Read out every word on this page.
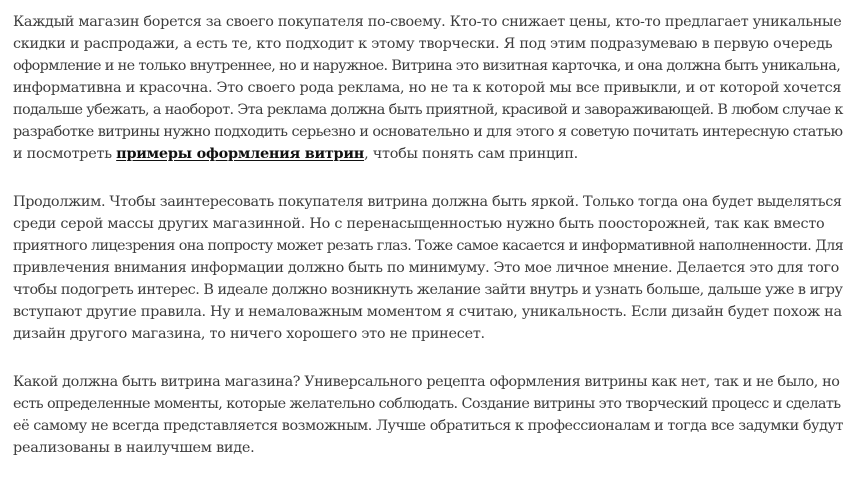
Каждый магазин борется за своего покупателя по-своему. Кто-то снижает цены, кто-то предлагает уникальные
скидки и распродажи, а есть те, кто подходит к этому творчески. Я под этим подразумеваю в первую очередь
оформление и не только внутреннее, но и наружное. Витрина это визитная карточка, и она должна быть уникальна,
информативна и красочна. Это своего рода реклама, но не та к которой мы все привыкли, и от которой хочется
подальше убежать, а наоборот. Эта реклама должна быть приятной, красивой и завораживающей. В любом случае к
разработке витрины нужно подходить серьезно и основательно и для этого я советую почитать интересную статью
и посмотреть примеры оформления витрин, чтобы понять сам принцип.
Продолжим. Чтобы заинтересовать покупателя витрина должна быть яркой. Только тогда она будет выделяться
среди серой массы других магазинной. Но с перенасыщенностью нужно быть поосторожней, так как вместо
приятного лицезрения она попросту может резать глаз. Тоже самое касается и информативной наполненности. Для
привлечения внимания информации должно быть по минимуму. Это мое личное мнение. Делается это для того
чтобы подогреть интерес. В идеале должно возникнуть желание зайти внутрь и узнать больше, дальше уже в игру
вступают другие правила. Ну и немаловажным моментом я считаю, уникальность. Если дизайн будет похож на
дизайн другого магазина, то ничего хорошего это не принесет.
Какой должна быть витрина магазина? Универсального рецепта оформления витрины как нет, так и не было, но
есть определенные моменты, которые желательно соблюдать. Создание витрины это творческий процесс и сделать
её самому не всегда представляется возможным. Лучше обратиться к профессионалам и тогда все задумки будут
реализованы в наилучшем виде.
